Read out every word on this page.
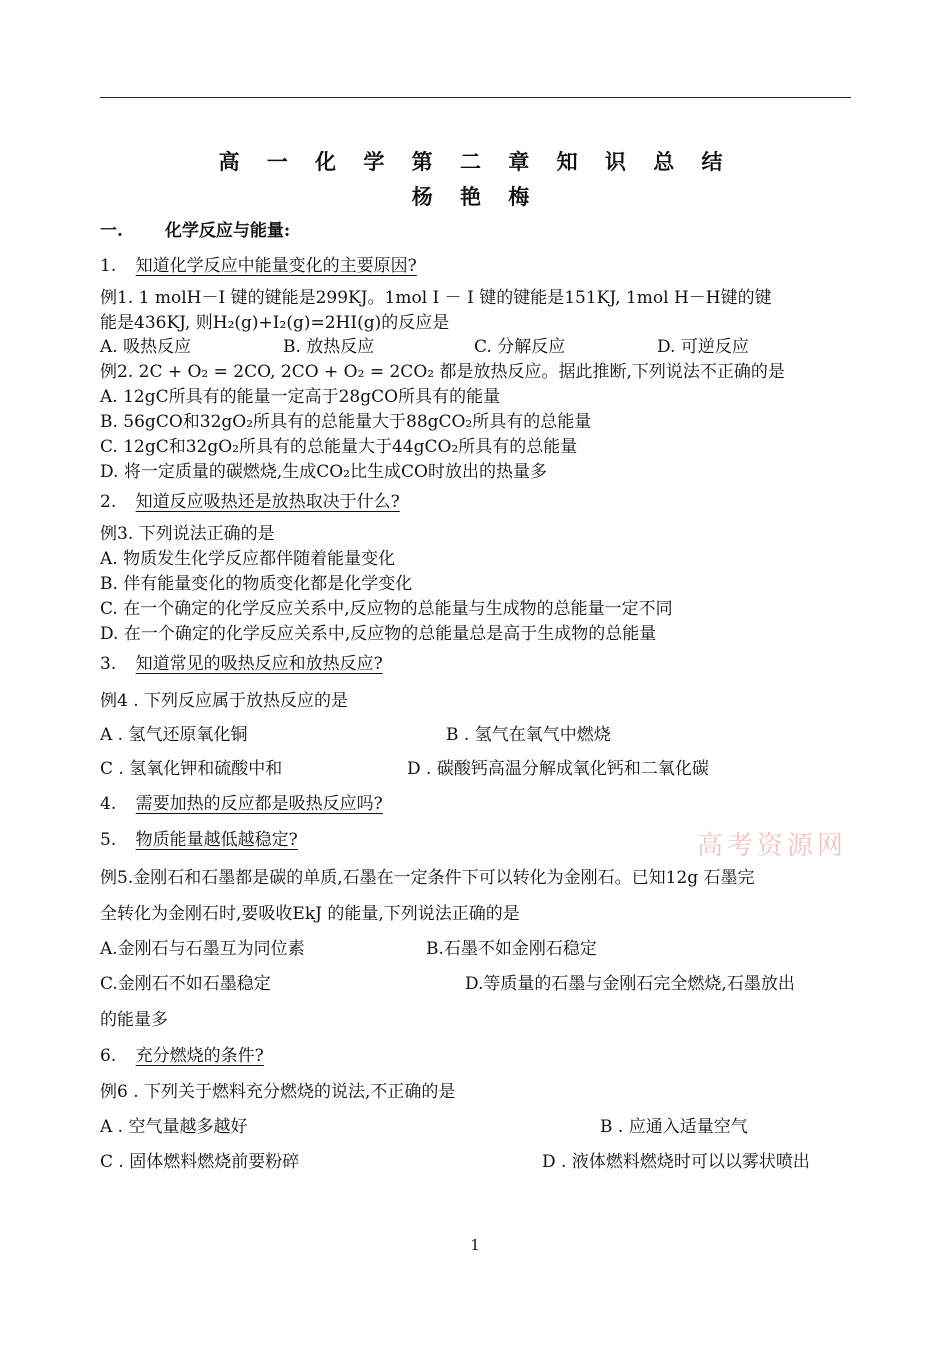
高 一 化 学 第 二 章 知 识 总 结
杨 艳 梅
一. 化学反应与能量:
1. 知道化学反应中能量变化的主要原因?
例1. 1 molH－I 键的键能是299KJ。1mol I － I 键的键能是151KJ, 1mol H－H键的键
能是436KJ, 则H₂(g)+I₂(g)=2HI(g)的反应是
A. 吸热反应	B. 放热反应	C. 分解反应	D. 可逆反应
例2. 2C + O₂ = 2CO, 2CO + O₂ = 2CO₂ 都是放热反应。据此推断,下列说法不正确的是
A. 12gC所具有的能量一定高于28gCO所具有的能量
B. 56gCO和32gO₂所具有的总能量大于88gCO₂所具有的总能量
C. 12gC和32gO₂所具有的总能量大于44gCO₂所具有的总能量
D. 将一定质量的碳燃烧,生成CO₂比生成CO时放出的热量多
2. 知道反应吸热还是放热取决于什么?
例3. 下列说法正确的是
A. 物质发生化学反应都伴随着能量变化
B. 伴有能量变化的物质变化都是化学变化
C. 在一个确定的化学反应关系中,反应物的总能量与生成物的总能量一定不同
D. 在一个确定的化学反应关系中,反应物的总能量总是高于生成物的总能量
3. 知道常见的吸热反应和放热反应?
例4 . 下列反应属于放热反应的是
A . 氢气还原氧化铜	B . 氢气在氧气中燃烧
C . 氢氧化钾和硫酸中和	D . 碳酸钙高温分解成氧化钙和二氧化碳
4. 需要加热的反应都是吸热反应吗?
5. 物质能量越低越稳定?	高考资源网
例5.金刚石和石墨都是碳的单质,石墨在一定条件下可以转化为金刚石。已知12g 石墨完
全转化为金刚石时,要吸收EkJ 的能量,下列说法正确的是
A.金刚石与石墨互为同位素	B.石墨不如金刚石稳定
C.金刚石不如石墨稳定	D.等质量的石墨与金刚石完全燃烧,石墨放出
的能量多
6. 充分燃烧的条件?
例6 . 下列关于燃料充分燃烧的说法,不正确的是
A . 空气量越多越好	B . 应通入适量空气
C . 固体燃料燃烧前要粉碎	D . 液体燃料燃烧时可以以雾状喷出
1
